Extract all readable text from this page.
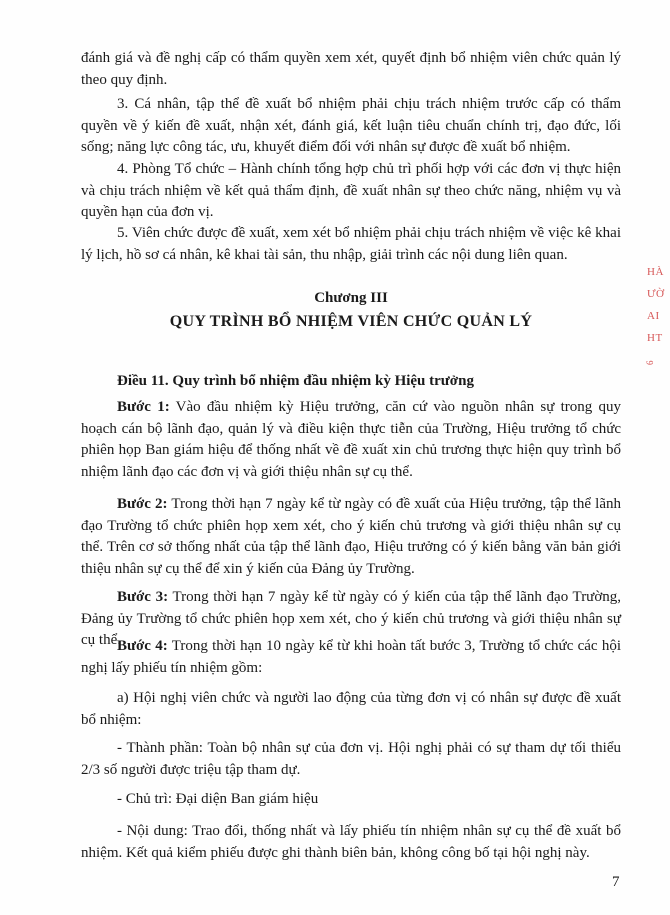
đánh giá và đề nghị cấp có thẩm quyền xem xét, quyết định bổ nhiệm viên chức quản lý theo quy định.

3. Cá nhân, tập thể đề xuất bổ nhiệm phải chịu trách nhiệm trước cấp có thẩm quyền về ý kiến đề xuất, nhận xét, đánh giá, kết luận tiêu chuẩn chính trị, đạo đức, lối sống; năng lực công tác, ưu, khuyết điểm đối với nhân sự được đề xuất bổ nhiệm.

4. Phòng Tổ chức – Hành chính tổng hợp chủ trì phối hợp với các đơn vị thực hiện và chịu trách nhiệm về kết quả thẩm định, đề xuất nhân sự theo chức năng, nhiệm vụ và quyền hạn của đơn vị.

5. Viên chức được đề xuất, xem xét bổ nhiệm phải chịu trách nhiệm về việc kê khai lý lịch, hồ sơ cá nhân, kê khai tài sản, thu nhập, giải trình các nội dung liên quan.

Chương III

QUY TRÌNH BỔ NHIỆM VIÊN CHỨC QUẢN LÝ

Điều 11. Quy trình bổ nhiệm đầu nhiệm kỳ Hiệu trưởng

Bước 1: Vào đầu nhiệm kỳ Hiệu trưởng, căn cứ vào nguồn nhân sự trong quy hoạch cán bộ lãnh đạo, quản lý và điều kiện thực tiễn của Trường, Hiệu trưởng tổ chức phiên họp Ban giám hiệu để thống nhất về đề xuất xin chủ trương thực hiện quy trình bổ nhiệm lãnh đạo các đơn vị và giới thiệu nhân sự cụ thể.

Bước 2: Trong thời hạn 7 ngày kể từ ngày có đề xuất của Hiệu trưởng, tập thể lãnh đạo Trường tổ chức phiên họp xem xét, cho ý kiến chủ trương và giới thiệu nhân sự cụ thể. Trên cơ sở thống nhất của tập thể lãnh đạo, Hiệu trưởng có ý kiến bằng văn bản giới thiệu nhân sự cụ thể để xin ý kiến của Đảng ủy Trường.

Bước 3: Trong thời hạn 7 ngày kể từ ngày có ý kiến của tập thể lãnh đạo Trường, Đảng ủy Trường tổ chức phiên họp xem xét, cho ý kiến chủ trương và giới thiệu nhân sự cụ thể.

Bước 4: Trong thời hạn 10 ngày kể từ khi hoàn tất bước 3, Trường tổ chức các hội nghị lấy phiếu tín nhiệm gồm:

a) Hội nghị viên chức và người lao động của từng đơn vị có nhân sự được đề xuất bổ nhiệm:

- Thành phần: Toàn bộ nhân sự của đơn vị. Hội nghị phải có sự tham dự tối thiểu 2/3 số người được triệu tập tham dự.

- Chủ trì: Đại diện Ban giám hiệu

- Nội dung: Trao đổi, thống nhất và lấy phiếu tín nhiệm nhân sự cụ thể đề xuất bổ nhiệm. Kết quả kiểm phiếu được ghi thành biên bản, không công bố tại hội nghị này.

7
HÀ
ƯỜ
AI
HT
9
